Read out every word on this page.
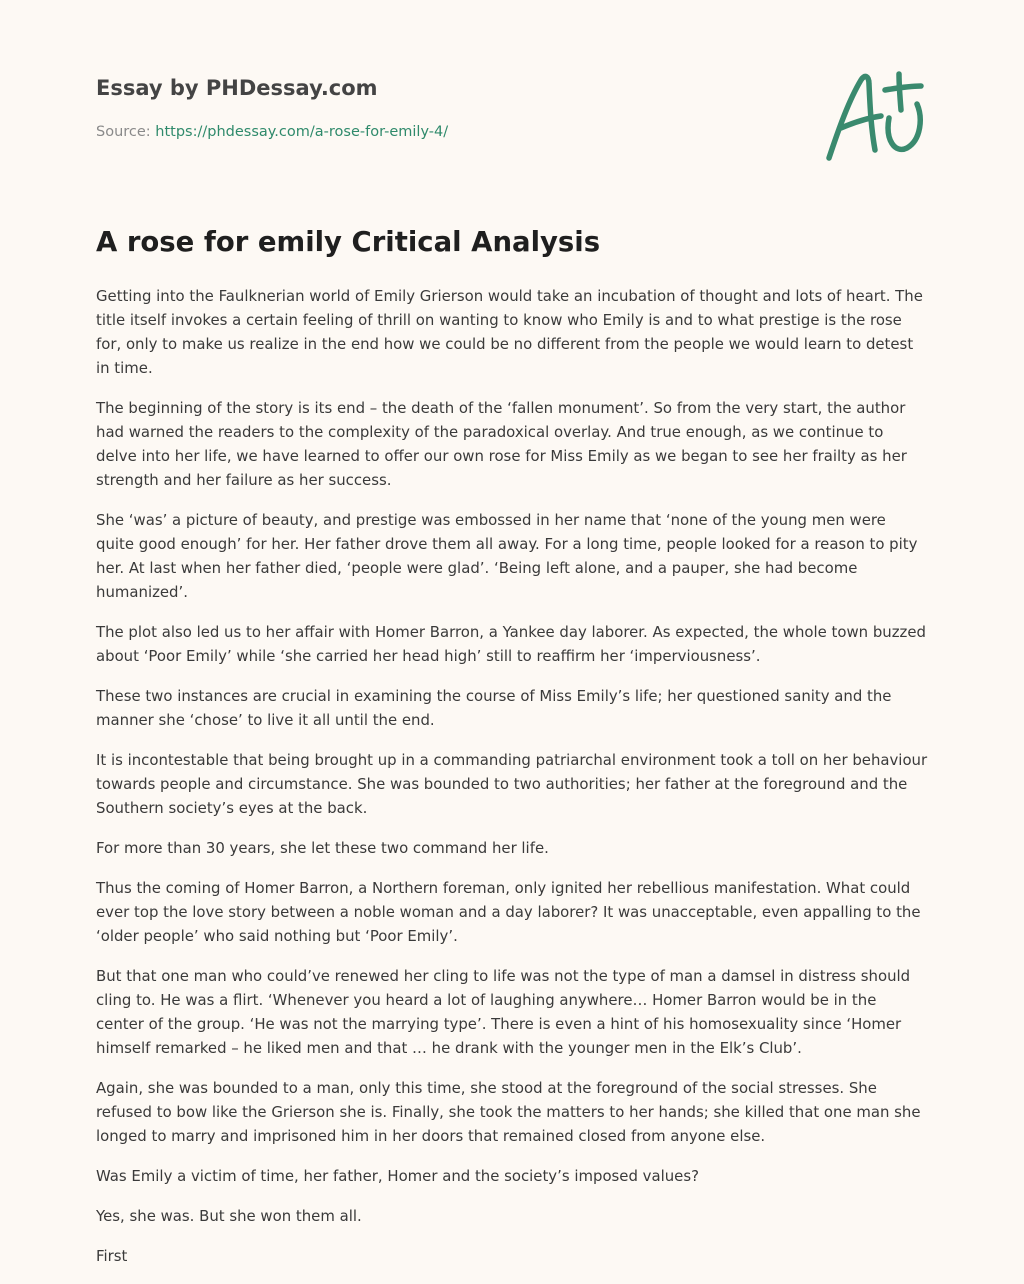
Essay by PHDessay.com
Source: https://phdessay.com/a-rose-for-emily-4/
A rose for emily Critical Analysis

Getting into the Faulknerian world of Emily Grierson would take an incubation of thought and lots of heart. The title itself invokes a certain feeling of thrill on wanting to know who Emily is and to what prestige is the rose for, only to make us realize in the end how we could be no different from the people we would learn to detest in time.

The beginning of the story is its end – the death of the ‘fallen monument’. So from the very start, the author had warned the readers to the complexity of the paradoxical overlay. And true enough, as we continue to delve into her life, we have learned to offer our own rose for Miss Emily as we began to see her frailty as her strength and her failure as her success.

She ‘was’ a picture of beauty, and prestige was embossed in her name that ‘none of the young men were quite good enough’ for her. Her father drove them all away. For a long time, people looked for a reason to pity her. At last when her father died, ‘people were glad’. ‘Being left alone, and a pauper, she had become humanized’.

The plot also led us to her affair with Homer Barron, a Yankee day laborer. As expected, the whole town buzzed about ‘Poor Emily’ while ‘she carried her head high’ still to reaffirm her ‘imperviousness’.

These two instances are crucial in examining the course of Miss Emily’s life; her questioned sanity and the manner she ‘chose’ to live it all until the end.

It is incontestable that being brought up in a commanding patriarchal environment took a toll on her behaviour towards people and circumstance. She was bounded to two authorities; her father at the foreground and the Southern society’s eyes at the back.

For more than 30 years, she let these two command her life.

Thus the coming of Homer Barron, a Northern foreman, only ignited her rebellious manifestation. What could ever top the love story between a noble woman and a day laborer? It was unacceptable, even appalling to the ‘older people’ who said nothing but ‘Poor Emily’.

But that one man who could’ve renewed her cling to life was not the type of man a damsel in distress should cling to. He was a flirt. ‘Whenever you heard a lot of laughing anywhere… Homer Barron would be in the center of the group. ‘He was not the marrying type’. There is even a hint of his homosexuality since ‘Homer himself remarked – he liked men and that … he drank with the younger men in the Elk’s Club’.

Again, she was bounded to a man, only this time, she stood at the foreground of the social stresses. She refused to bow like the Grierson she is. Finally, she took the matters to her hands; she killed that one man she longed to marry and imprisoned him in her doors that remained closed from anyone else.

Was Emily a victim of time, her father, Homer and the society’s imposed values?

Yes, she was. But she won them all.

First
